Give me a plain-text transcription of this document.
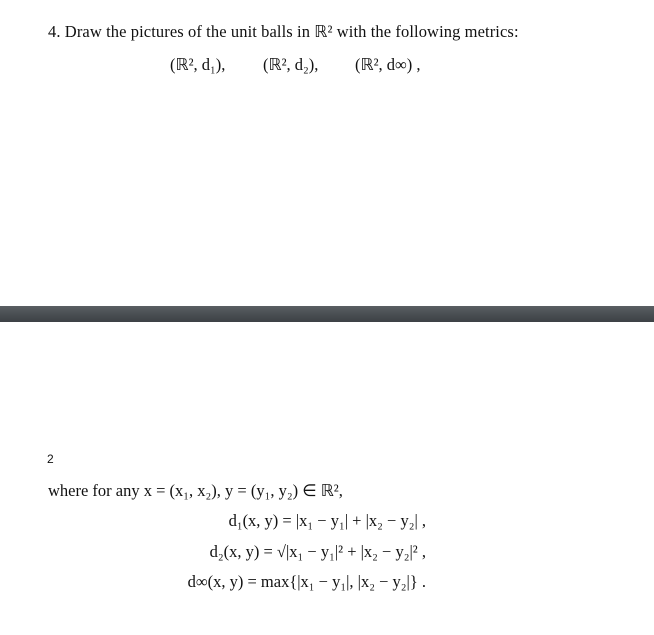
4. Draw the pictures of the unit balls in ℝ² with the following metrics:

(ℝ², d₁), (ℝ², d₂), (ℝ², d∞) ,
2

where for any x = (x₁, x₂), y = (y₁, y₂) ∈ ℝ²,

d₁(x, y) = |x₁ − y₁| + |x₂ − y₂| ,

d₂(x, y) = √|x₁ − y₁|² + |x₂ − y₂|² ,

d∞(x, y) = max{|x₁ − y₁|, |x₂ − y₂|} .
